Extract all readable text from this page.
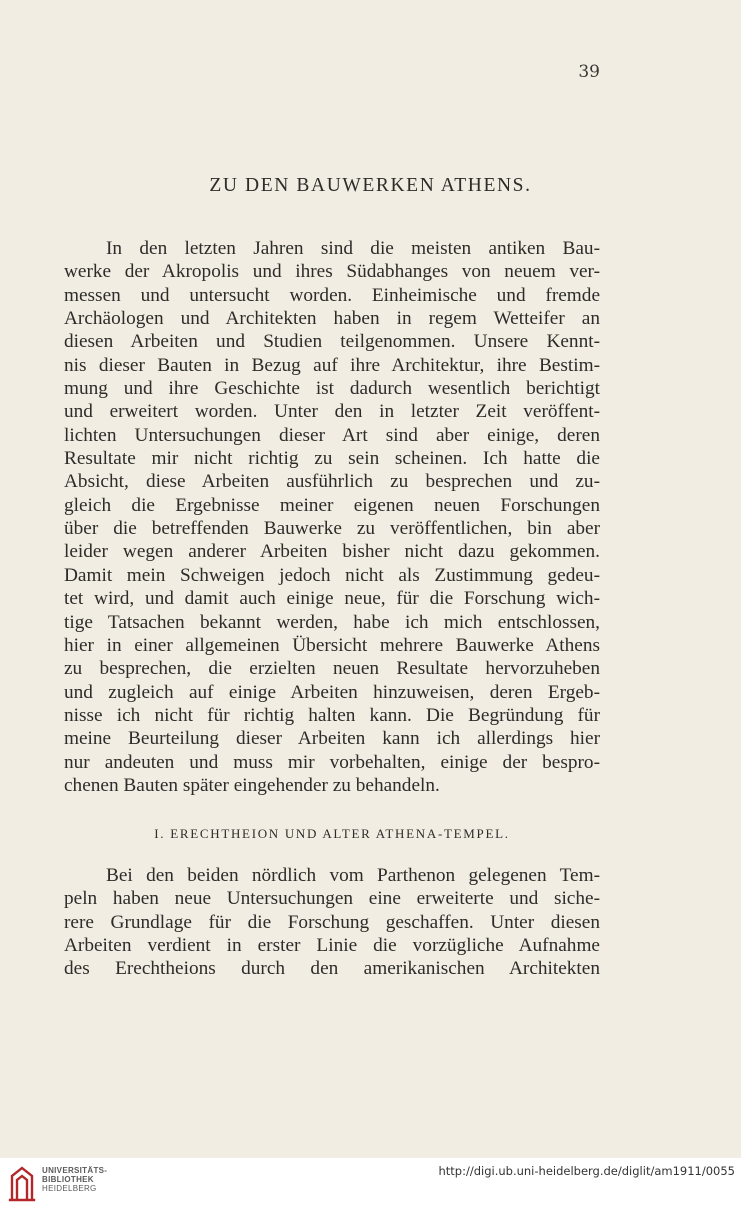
39
ZU DEN BAUWERKEN ATHENS.
In den letzten Jahren sind die meisten antiken Bau-
werke der Akropolis und ihres Südabhanges von neuem ver-
messen und untersucht worden. Einheimische und fremde
Archäologen und Architekten haben in regem Wetteifer an
diesen Arbeiten und Studien teilgenommen. Unsere Kennt-
nis dieser Bauten in Bezug auf ihre Architektur, ihre Bestim-
mung und ihre Geschichte ist dadurch wesentlich berichtigt
und erweitert worden. Unter den in letzter Zeit veröffent-
lichten Untersuchungen dieser Art sind aber einige, deren
Resultate mir nicht richtig zu sein scheinen. Ich hatte die
Absicht, diese Arbeiten ausführlich zu besprechen und zu-
gleich die Ergebnisse meiner eigenen neuen Forschungen
über die betreffenden Bauwerke zu veröffentlichen, bin aber
leider wegen anderer Arbeiten bisher nicht dazu gekommen.
Damit mein Schweigen jedoch nicht als Zustimmung gedeu-
tet wird, und damit auch einige neue, für die Forschung wich-
tige Tatsachen bekannt werden, habe ich mich entschlossen,
hier in einer allgemeinen Übersicht mehrere Bauwerke Athens
zu besprechen, die erzielten neuen Resultate hervorzuheben
und zugleich auf einige Arbeiten hinzuweisen, deren Ergeb-
nisse ich nicht für richtig halten kann. Die Begründung für
meine Beurteilung dieser Arbeiten kann ich allerdings hier
nur andeuten und muss mir vorbehalten, einige der bespro-
chenen Bauten später eingehender zu behandeln.
I. ERECHTHEION UND ALTER ATHENA-TEMPEL.
Bei den beiden nördlich vom Parthenon gelegenen Tem-
peln haben neue Untersuchungen eine erweiterte und siche-
rere Grundlage für die Forschung geschaffen. Unter diesen
Arbeiten verdient in erster Linie die vorzügliche Aufnahme
des Erechtheions durch den amerikanischen Architekten
UNIVERSITÄTS-
BIBLIOTHEK
HEIDELBERG
http://digi.ub.uni-heidelberg.de/diglit/am1911/0055
